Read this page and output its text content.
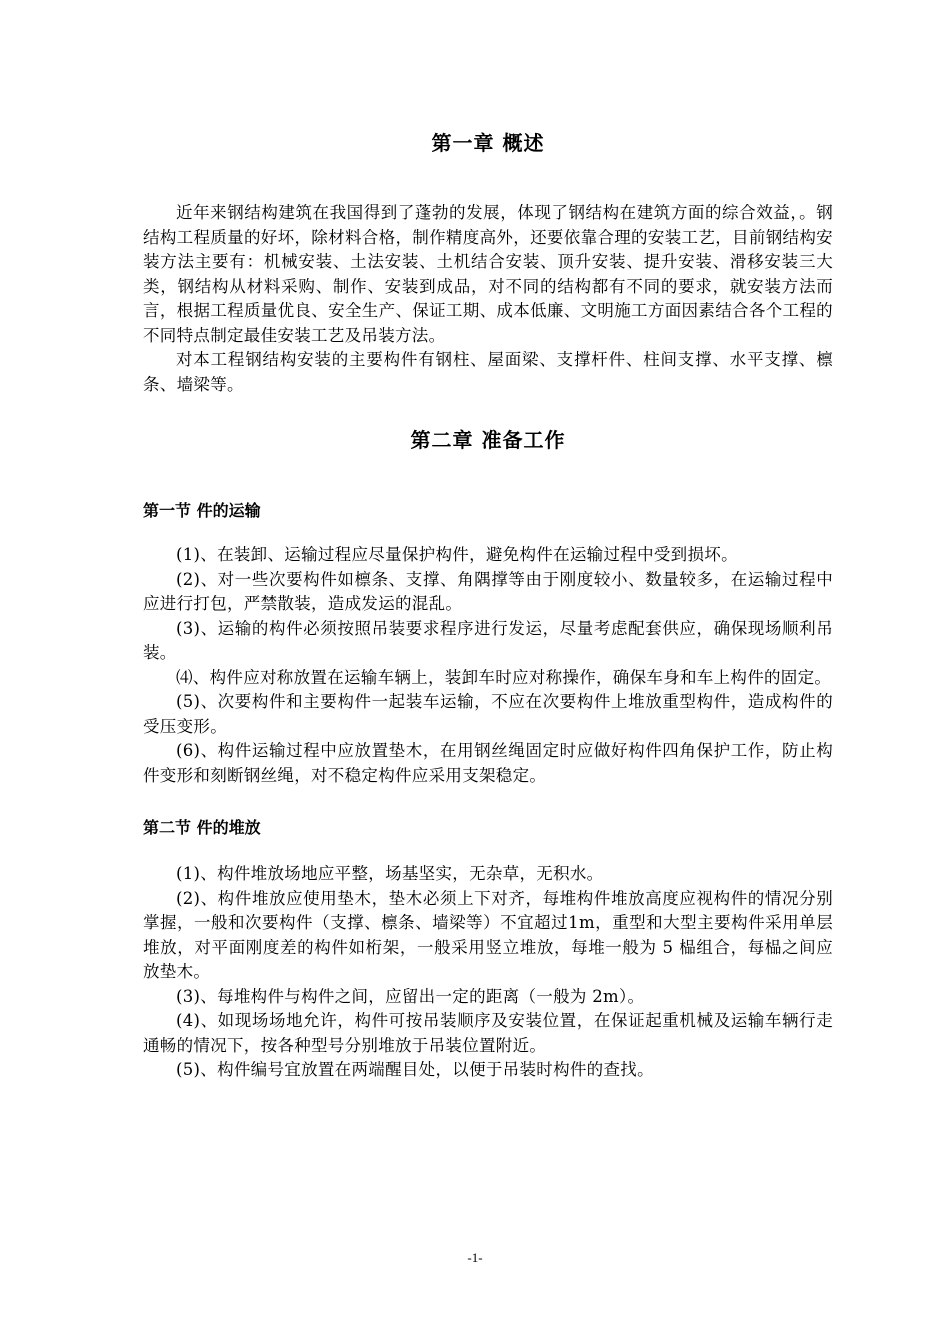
第一章 概述

近年来钢结构建筑在我国得到了蓬勃的发展，体现了钢结构在建筑方面的综合效益，。钢结构工程质量的好坏，除材料合格，制作精度高外，还要依靠合理的安装工艺，目前钢结构安装方法主要有：机械安装、土法安装、土机结合安装、顶升安装、提升安装、滑移安装三大类，钢结构从材料采购、制作、安装到成品，对不同的结构都有不同的要求，就安装方法而言，根据工程质量优良、安全生产、保证工期、成本低廉、文明施工方面因素结合各个工程的不同特点制定最佳安装工艺及吊装方法。

对本工程钢结构安装的主要构件有钢柱、屋面梁、支撑杆件、柱间支撑、水平支撑、檩条、墙梁等。

第二章 准备工作
第一节 件的运输

(1)、在装卸、运输过程应尽量保护构件，避免构件在运输过程中受到损坏。

(2)、对一些次要构件如檩条、支撑、角隅撑等由于刚度较小、数量较多，在运输过程中应进行打包，严禁散装，造成发运的混乱。

(3)、运输的构件必须按照吊装要求程序进行发运，尽量考虑配套供应，确保现场顺利吊装。

⑷、构件应对称放置在运输车辆上，装卸车时应对称操作，确保车身和车上构件的固定。

(5)、次要构件和主要构件一起装车运输，不应在次要构件上堆放重型构件，造成构件的受压变形。

(6)、构件运输过程中应放置垫木，在用钢丝绳固定时应做好构件四角保护工作，防止构件变形和刻断钢丝绳，对不稳定构件应采用支架稳定。

第二节 件的堆放

(1)、构件堆放场地应平整，场基坚实，无杂草，无积水。

(2)、构件堆放应使用垫木，垫木必须上下对齐，每堆构件堆放高度应视构件的情况分别掌握，一般和次要构件（支撑、檩条、墙梁等）不宜超过1m，重型和大型主要构件采用单层堆放，对平面刚度差的构件如桁架，一般采用竖立堆放，每堆一般为 5 榀组合，每榀之间应放垫木。

(3)、每堆构件与构件之间，应留出一定的距离（一般为 2m）。

(4)、如现场场地允许，构件可按吊装顺序及安装位置，在保证起重机械及运输车辆行走通畅的情况下，按各种型号分别堆放于吊装位置附近。

(5)、构件编号宜放置在两端醒目处，以便于吊装时构件的查找。

-1-
